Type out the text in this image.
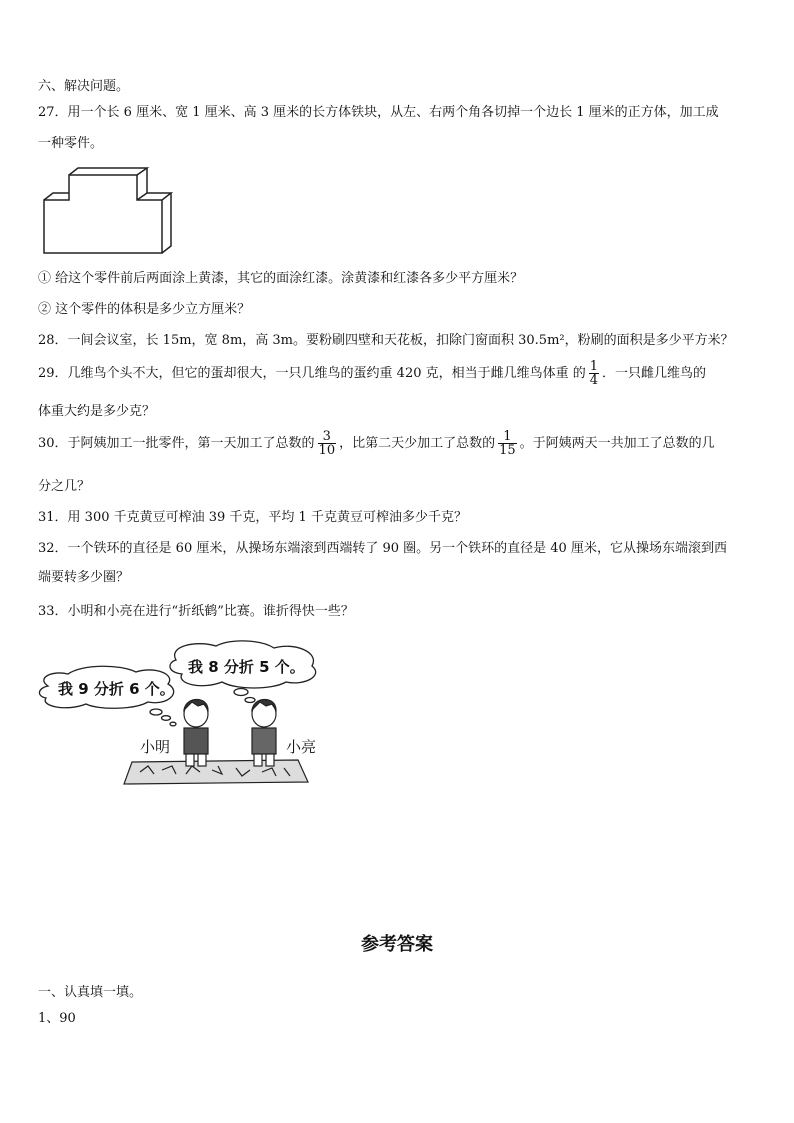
六、解决问题。
27．用一个长 6 厘米、宽 1 厘米、高 3 厘米的长方体铁块，从左、右两个角各切掉一个边长 1 厘米的正方体，加工成
一种零件。
① 给这个零件前后两面涂上黄漆，其它的面涂红漆。涂黄漆和红漆各多少平方厘米？
② 这个零件的体积是多少立方厘米？
28．一间会议室，长 15m，宽 8m，高 3m。要粉刷四壁和天花板，扣除门窗面积 30.5m²，粉刷的面积是多少平方米？
29．几维鸟个头不大，但它的蛋却很大，一只几维鸟的蛋约重 420 克，相当于雌几维鸟体重 的 $\frac{1}{4}$ ．一只雌几维鸟的
体重大约是多少克？
30．于阿姨加工一批零件，第一天加工了总数的 $\frac{3}{10}$ ，比第二天少加工了总数的 $\frac{1}{15}$ 。于阿姨两天一共加工了总数的几
分之几？
31．用 300 千克黄豆可榨油 39 千克，平均 1 千克黄豆可榨油多少千克？
32．一个铁环的直径是 60 厘米，从操场东端滚到西端转了 90 圈。另一个铁环的直径是 40 厘米，它从操场东端滚到西
端要转多少圈？
33．小明和小亮在进行“折纸鹤”比赛。谁折得快一些？
我 8 分折 5 个。
我 9 分折 6 个。
小明	小亮
参考答案
一、认真填一填。
1、90
